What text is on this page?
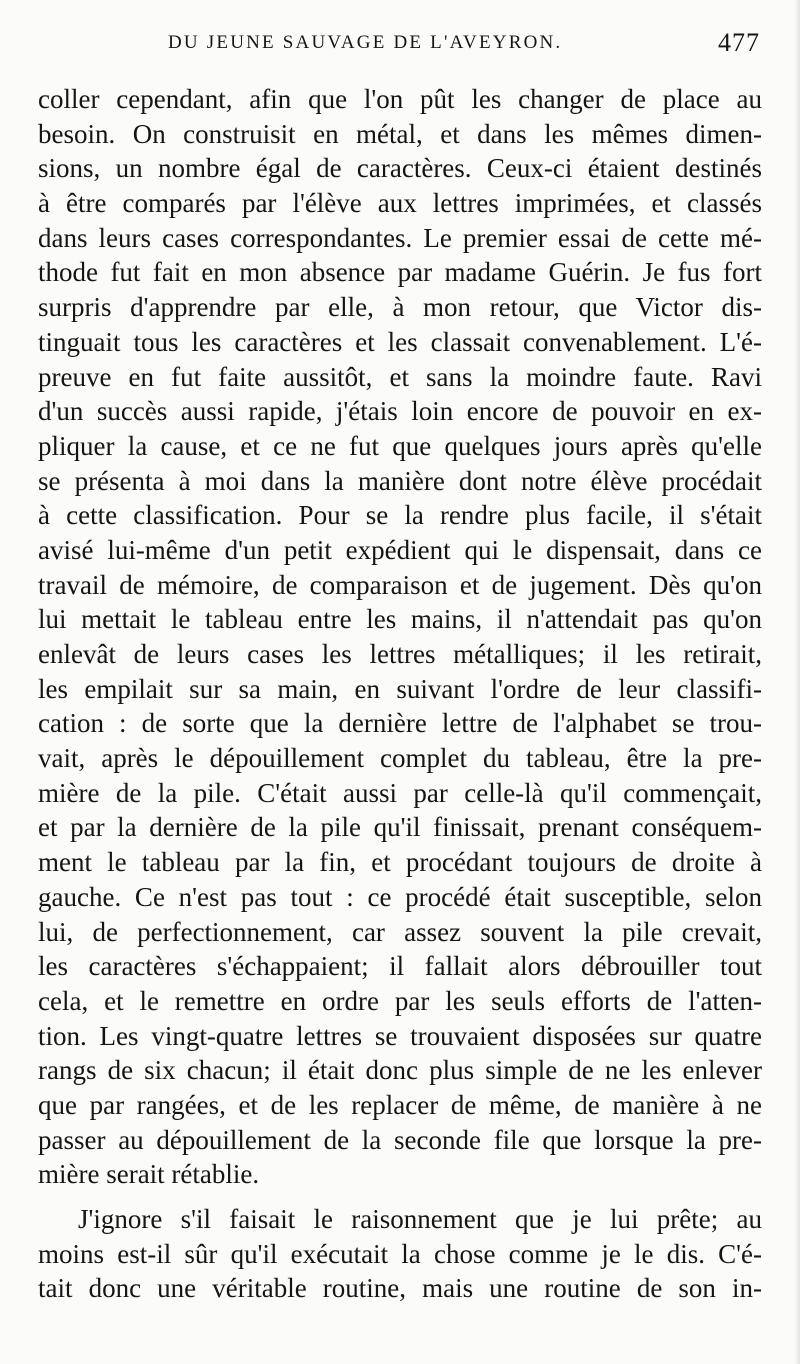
DU JEUNE SAUVAGE DE L'AVEYRON.	477
coller cependant, afin que l'on pût les changer de place au
besoin. On construisit en métal, et dans les mêmes dimen-
sions, un nombre égal de caractères. Ceux-ci étaient destinés
à être comparés par l'élève aux lettres imprimées, et classés
dans leurs cases correspondantes. Le premier essai de cette mé-
thode fut fait en mon absence par madame Guérin. Je fus fort
surpris d'apprendre par elle, à mon retour, que Victor dis-
tinguait tous les caractères et les classait convenablement. L'é-
preuve en fut faite aussitôt, et sans la moindre faute. Ravi
d'un succès aussi rapide, j'étais loin encore de pouvoir en ex-
pliquer la cause, et ce ne fut que quelques jours après qu'elle
se présenta à moi dans la manière dont notre élève procédait
à cette classification. Pour se la rendre plus facile, il s'était
avisé lui-même d'un petit expédient qui le dispensait, dans ce
travail de mémoire, de comparaison et de jugement. Dès qu'on
lui mettait le tableau entre les mains, il n'attendait pas qu'on
enlevât de leurs cases les lettres métalliques; il les retirait,
les empilait sur sa main, en suivant l'ordre de leur classifi-
cation : de sorte que la dernière lettre de l'alphabet se trou-
vait, après le dépouillement complet du tableau, être la pre-
mière de la pile. C'était aussi par celle-là qu'il commençait,
et par la dernière de la pile qu'il finissait, prenant conséquem-
ment le tableau par la fin, et procédant toujours de droite à
gauche. Ce n'est pas tout : ce procédé était susceptible, selon
lui, de perfectionnement, car assez souvent la pile crevait,
les caractères s'échappaient; il fallait alors débrouiller tout
cela, et le remettre en ordre par les seuls efforts de l'atten-
tion. Les vingt-quatre lettres se trouvaient disposées sur quatre
rangs de six chacun; il était donc plus simple de ne les enlever
que par rangées, et de les replacer de même, de manière à ne
passer au dépouillement de la seconde file que lorsque la pre-
mière serait rétablie.
J'ignore s'il faisait le raisonnement que je lui prête; au
moins est-il sûr qu'il exécutait la chose comme je le dis. C'é-
tait donc une véritable routine, mais une routine de son in-
